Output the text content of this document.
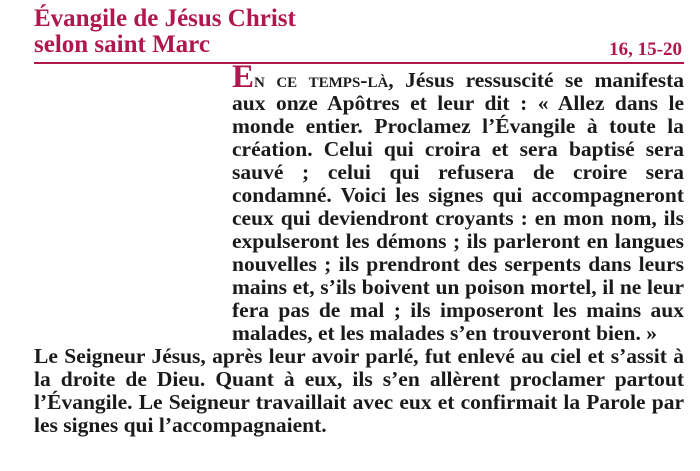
Évangile de Jésus Christ
selon saint Marc	16, 15-20

En ce temps-là, Jésus ressuscité se manifesta aux onze Apôtres et leur dit : « Allez dans le monde entier. Proclamez l’Évangile à toute la création. Celui qui croira et sera baptisé sera sauvé ; celui qui refusera de croire sera condamné. Voici les signes qui accompagneront ceux qui deviendront croyants : en mon nom, ils expulseront les démons ; ils parleront en langues nouvelles ; ils prendront des serpents dans leurs mains et, s’ils boivent un poison mortel, il ne leur fera pas de mal ; ils imposeront les mains aux malades, et les malades s’en trouveront bien. »

Le Seigneur Jésus, après leur avoir parlé, fut enlevé au ciel et s’assit à la droite de Dieu. Quant à eux, ils s’en allèrent proclamer partout l’Évangile. Le Seigneur travaillait avec eux et confirmait la Parole par les signes qui l’accompagnaient.
